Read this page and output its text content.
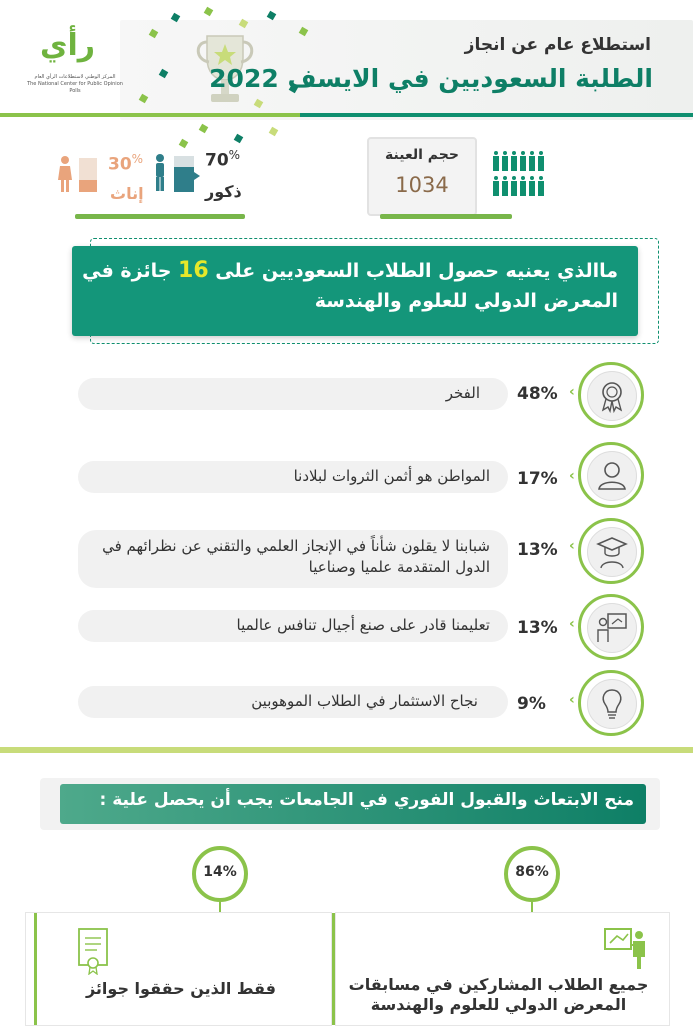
رأي
المركز الوطني لاستطلاعات الرأي العام
The National Center for Public Opinion Polls
استطلاع عام عن انجاز
الطلبة السعوديين في الايسف 2022
حجم العينة
1034
70%
ذكور
30%
إناث
ماالذي يعنيه حصول الطلاب السعوديين على 16 جائزة في
المعرض الدولي للعلوم والهندسة
الفخر 48% ‹
المواطن هو أثمن الثروات لبلادنا 17% ‹
شبابنا لا يقلون شأناً في الإنجاز العلمي والتقني عن نظرائهم في الدول المتقدمة علميا وصناعيا
13% ‹
تعليمنا قادر على صنع أجيال تنافس عالميا 13% ‹
نجاح الاستثمار في الطلاب الموهوبين 9% ‹
منح الابتعاث والقبول الفوري في الجامعات يجب أن يحصل علية :
86%
14%
فقط الذين حققوا جوائز	جميع الطلاب المشاركين في مسابقات المعرض الدولي للعلوم والهندسة
